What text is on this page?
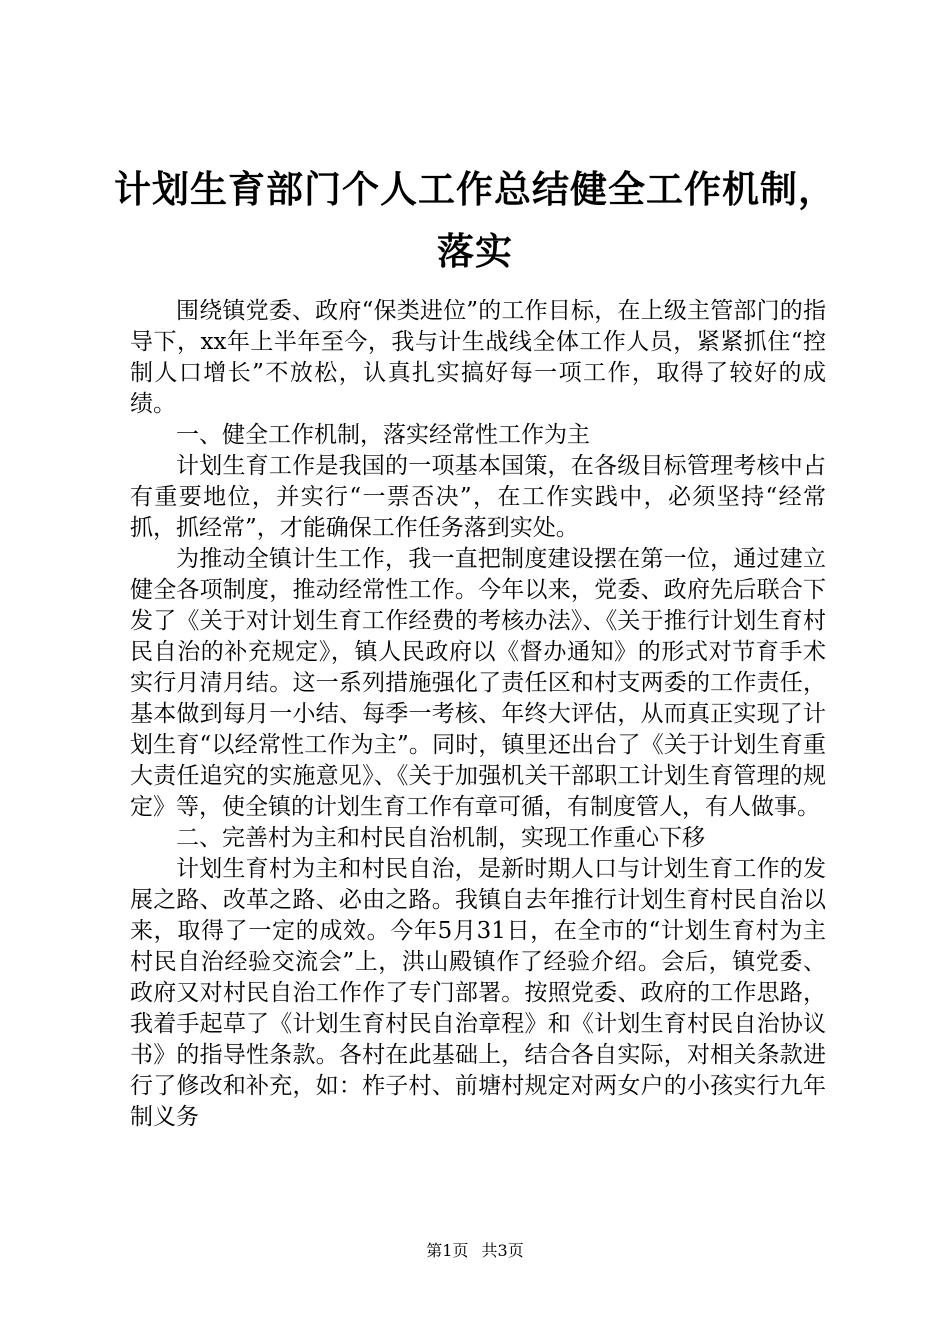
计划生育部门个人工作总结健全工作机制，落实

围绕镇党委、政府“保类进位”的工作目标，在上级主管部门的指导下，xx年上半年至今，我与计生战线全体工作人员，紧紧抓住“控制人口增长”不放松，认真扎实搞好每一项工作，取得了较好的成绩。

一、健全工作机制，落实经常性工作为主

计划生育工作是我国的一项基本国策，在各级目标管理考核中占有重要地位，并实行“一票否决”，在工作实践中，必须坚持“经常抓，抓经常”，才能确保工作任务落到实处。

为推动全镇计生工作，我一直把制度建设摆在第一位，通过建立健全各项制度，推动经常性工作。今年以来，党委、政府先后联合下发了《关于对计划生育工作经费的考核办法》、《关于推行计划生育村民自治的补充规定》，镇人民政府以《督办通知》的形式对节育手术实行月清月结。这一系列措施强化了责任区和村支两委的工作责任，基本做到每月一小结、每季一考核、年终大评估，从而真正实现了计划生育“以经常性工作为主”。同时，镇里还出台了《关于计划生育重大责任追究的实施意见》、《关于加强机关干部职工计划生育管理的规定》等，使全镇的计划生育工作有章可循，有制度管人，有人做事。

二、完善村为主和村民自治机制，实现工作重心下移

计划生育村为主和村民自治，是新时期人口与计划生育工作的发展之路、改革之路、必由之路。我镇自去年推行计划生育村民自治以来，取得了一定的成效。今年5月31日，在全市的“计划生育村为主村民自治经验交流会”上，洪山殿镇作了经验介绍。会后，镇党委、政府又对村民自治工作作了专门部署。按照党委、政府的工作思路，我着手起草了《计划生育村民自治章程》和《计划生育村民自治协议书》的指导性条款。各村在此基础上，结合各自实际，对相关条款进行了修改和补充，如：柞子村、前塘村规定对两女户的小孩实行九年制义务

第1页 共3页
